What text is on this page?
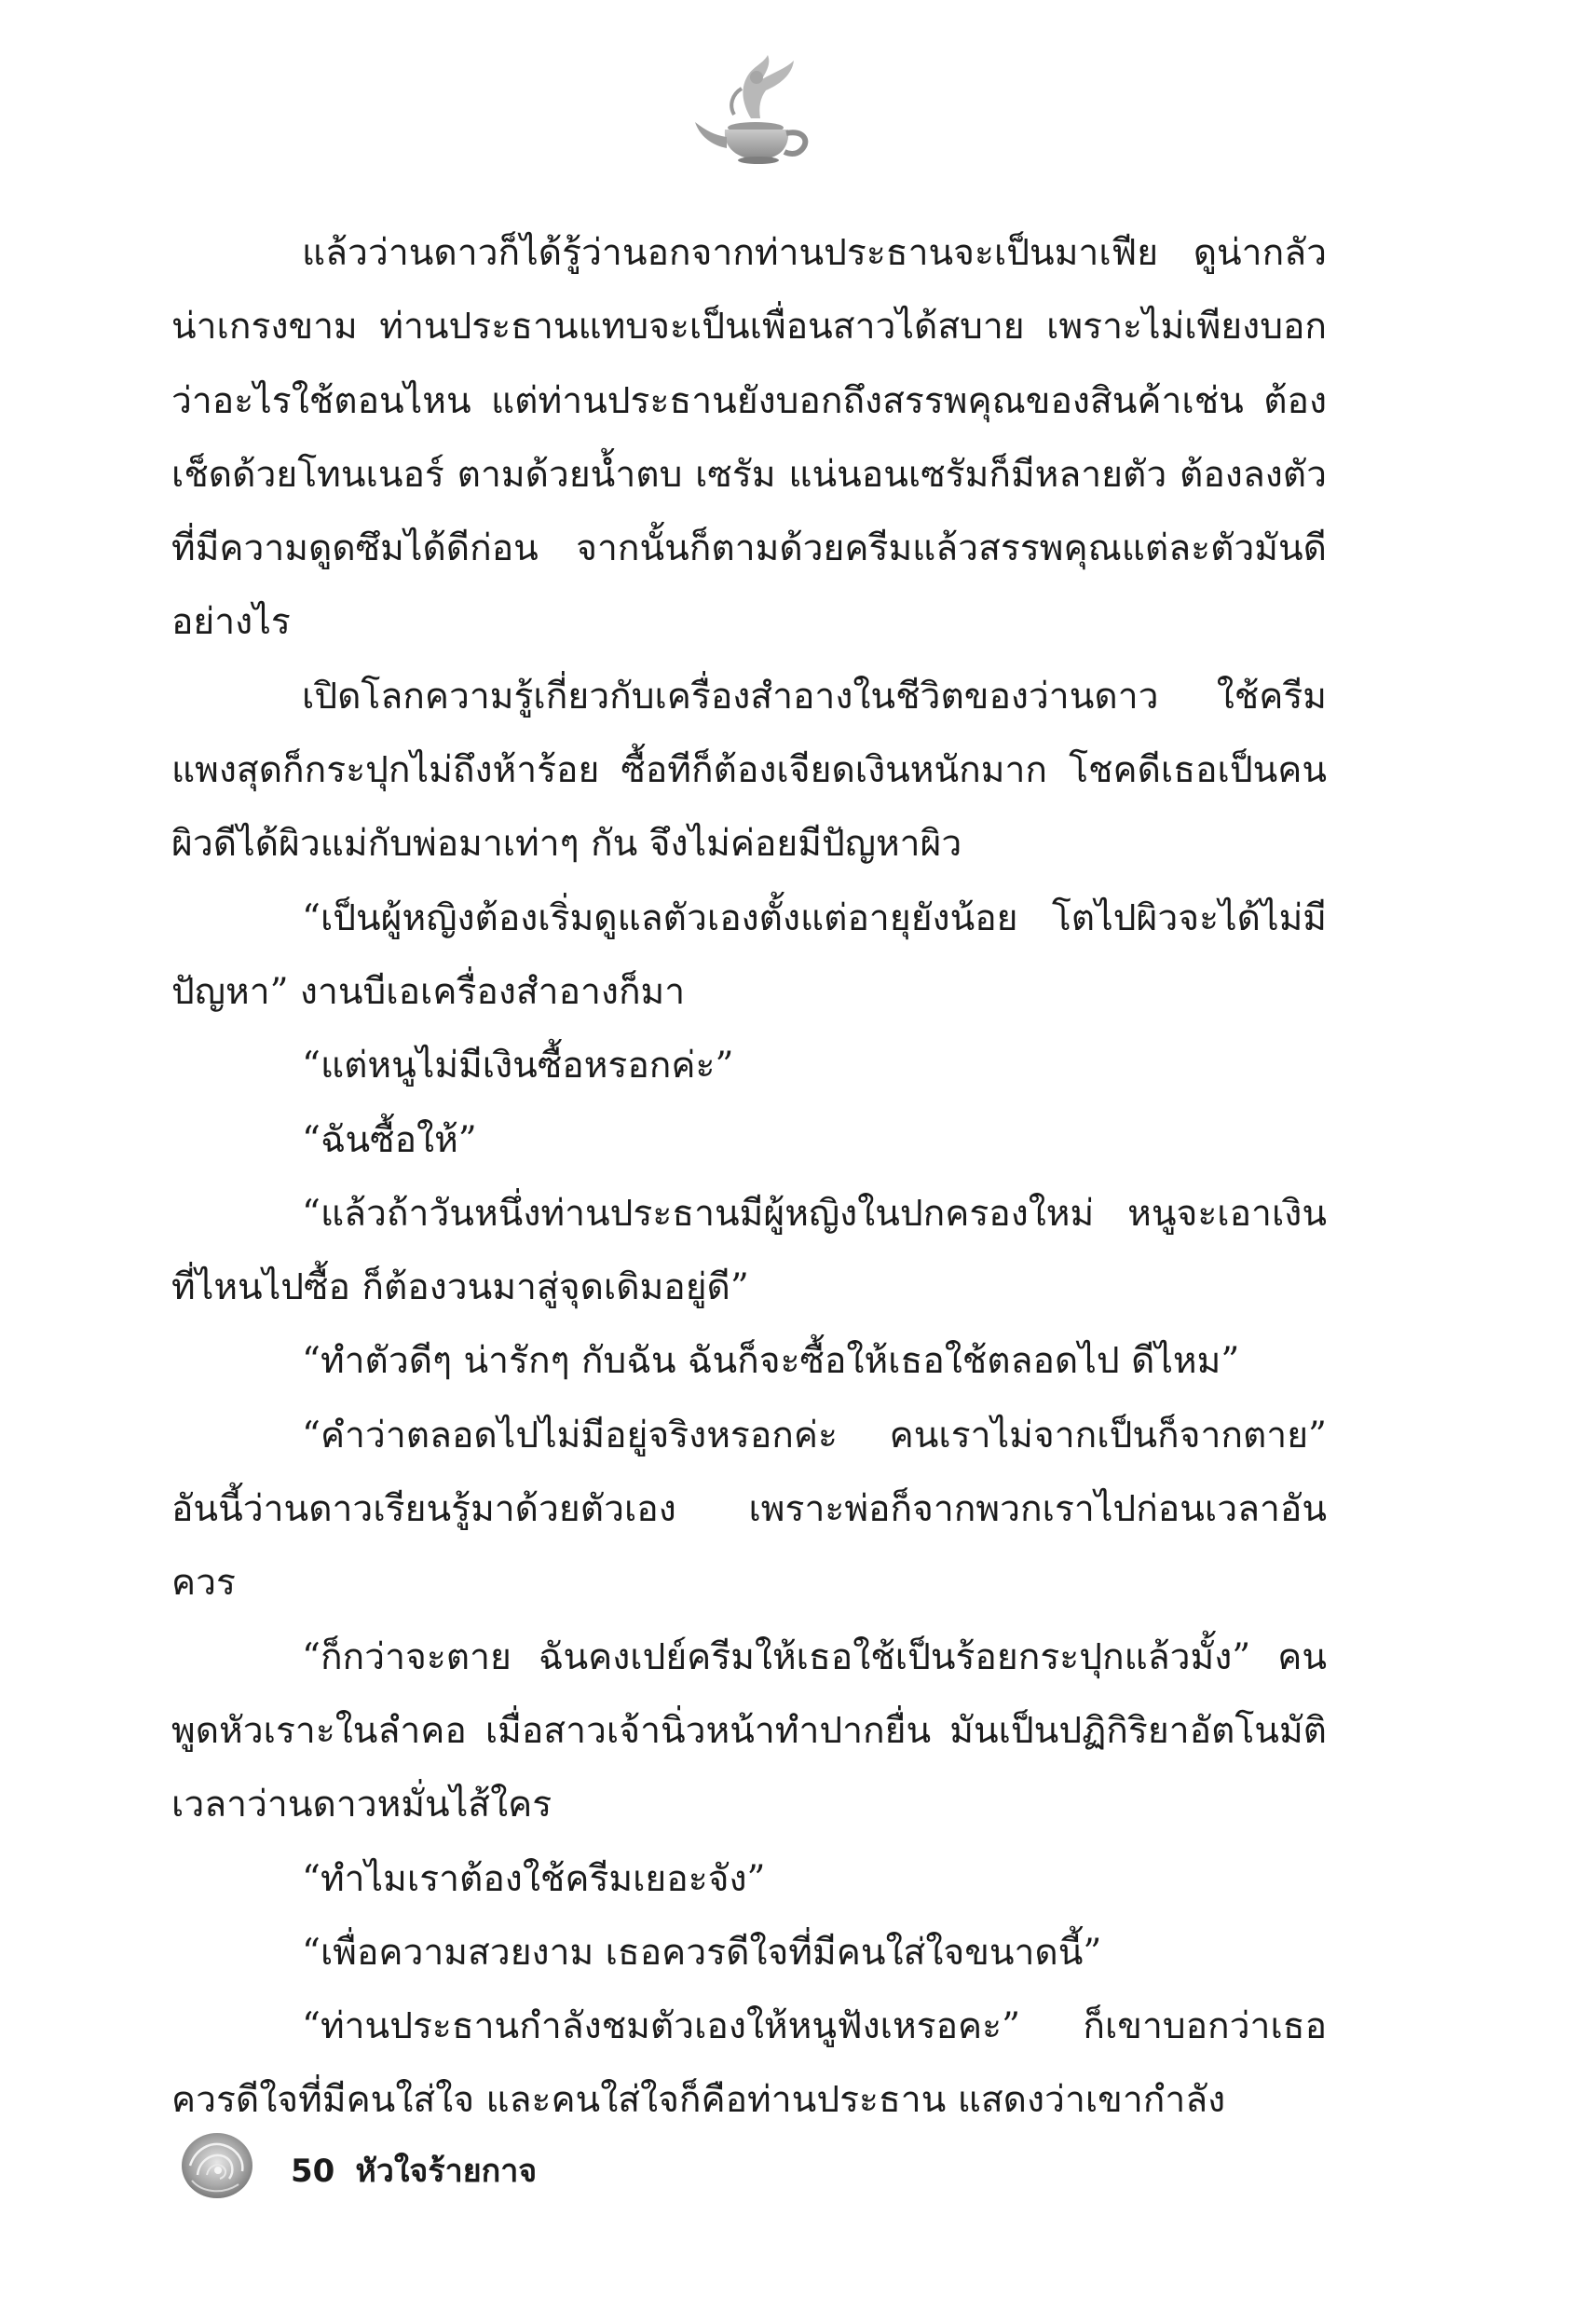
แล้วว่านดาวก็ได้รู้ว่านอกจากท่านประธานจะเป็นมาเฟีย ดูน่ากลัวน่าเกรงขาม ท่านประธานแทบจะเป็นเพื่อนสาวได้สบาย เพราะไม่เพียงบอกว่าอะไรใช้ตอนไหน แต่ท่านประธานยังบอกถึงสรรพคุณของสินค้าเช่น ต้องเช็ดด้วยโทนเนอร์ ตามด้วยน้ำตบ เซรัม แน่นอนเซรัมก็มีหลายตัว ต้องลงตัวที่มีความดูดซึมได้ดีก่อน จากนั้นก็ตามด้วยครีมแล้วสรรพคุณแต่ละตัวมันดีอย่างไร

เปิดโลกความรู้เกี่ยวกับเครื่องสำอางในชีวิตของว่านดาว ใช้ครีมแพงสุดก็กระปุกไม่ถึงห้าร้อย ซื้อทีก็ต้องเจียดเงินหนักมาก โชคดีเธอเป็นคนผิวดีได้ผิวแม่กับพ่อมาเท่าๆ กัน จึงไม่ค่อยมีปัญหาผิว

“เป็นผู้หญิงต้องเริ่มดูแลตัวเองตั้งแต่อายุยังน้อย โตไปผิวจะได้ไม่มีปัญหา” งานบีเอเครื่องสำอางก็มา

“แต่หนูไม่มีเงินซื้อหรอกค่ะ”

“ฉันซื้อให้”

“แล้วถ้าวันหนึ่งท่านประธานมีผู้หญิงในปกครองใหม่ หนูจะเอาเงินที่ไหนไปซื้อ ก็ต้องวนมาสู่จุดเดิมอยู่ดี”

“ทำตัวดีๆ น่ารักๆ กับฉัน ฉันก็จะซื้อให้เธอใช้ตลอดไป ดีไหม”

“คำว่าตลอดไปไม่มีอยู่จริงหรอกค่ะ คนเราไม่จากเป็นก็จากตาย” อันนี้ว่านดาวเรียนรู้มาด้วยตัวเอง เพราะพ่อก็จากพวกเราไปก่อนเวลาอันควร

“ก็กว่าจะตาย ฉันคงเปย์ครีมให้เธอใช้เป็นร้อยกระปุกแล้วมั้ง” คนพูดหัวเราะในลำคอ เมื่อสาวเจ้านิ่วหน้าทำปากยื่น มันเป็นปฏิกิริยาอัตโนมัติเวลาว่านดาวหมั่นไส้ใคร

“ทำไมเราต้องใช้ครีมเยอะจัง”

“เพื่อความสวยงาม เธอควรดีใจที่มีคนใส่ใจขนาดนี้”

“ท่านประธานกำลังชมตัวเองให้หนูฟังเหรอคะ” ก็เขาบอกว่าเธอควรดีใจที่มีคนใส่ใจ และคนใส่ใจก็คือท่านประธาน แสดงว่าเขากำลัง

50 หัวใจร้ายกาจ
